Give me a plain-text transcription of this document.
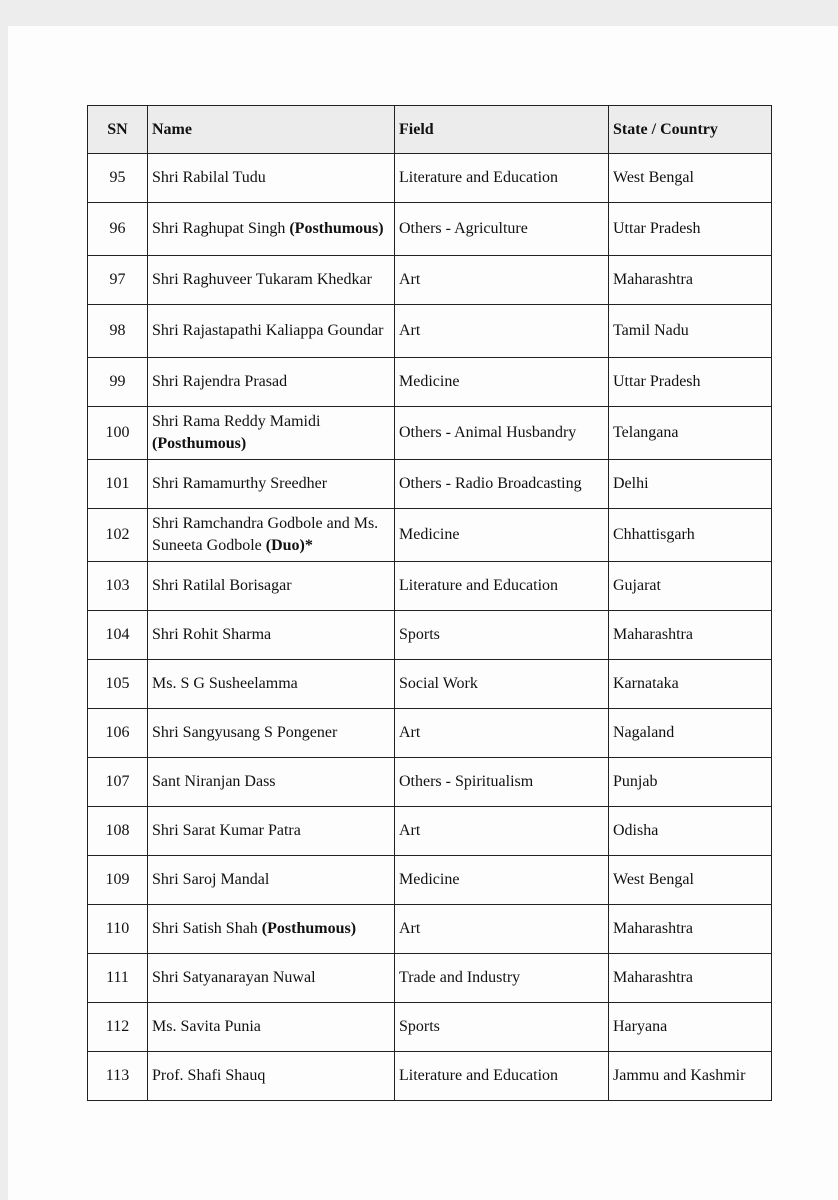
SN	Name	Field	State / Country
95	Shri Rabilal Tudu	Literature and Education	West Bengal
96	Shri Raghupat Singh (Posthumous)	Others - Agriculture	Uttar Pradesh
97	Shri Raghuveer Tukaram Khedkar	Art	Maharashtra
98	Shri Rajastapathi Kaliappa Goundar	Art	Tamil Nadu
99	Shri Rajendra Prasad	Medicine	Uttar Pradesh
100	Shri Rama Reddy Mamidi (Posthumous)	Others - Animal Husbandry	Telangana
101	Shri Ramamurthy Sreedher	Others - Radio Broadcasting	Delhi
102	Shri Ramchandra Godbole and Ms. Suneeta Godbole (Duo)*	Medicine	Chhattisgarh
103	Shri Ratilal Borisagar	Literature and Education	Gujarat
104	Shri Rohit Sharma	Sports	Maharashtra
105	Ms. S G Susheelamma	Social Work	Karnataka
106	Shri Sangyusang S Pongener	Art	Nagaland
107	Sant Niranjan Dass	Others - Spiritualism	Punjab
108	Shri Sarat Kumar Patra	Art	Odisha
109	Shri Saroj Mandal	Medicine	West Bengal
110	Shri Satish Shah (Posthumous)	Art	Maharashtra
111	Shri Satyanarayan Nuwal	Trade and Industry	Maharashtra
112	Ms. Savita Punia	Sports	Haryana
113	Prof. Shafi Shauq	Literature and Education	Jammu and Kashmir
